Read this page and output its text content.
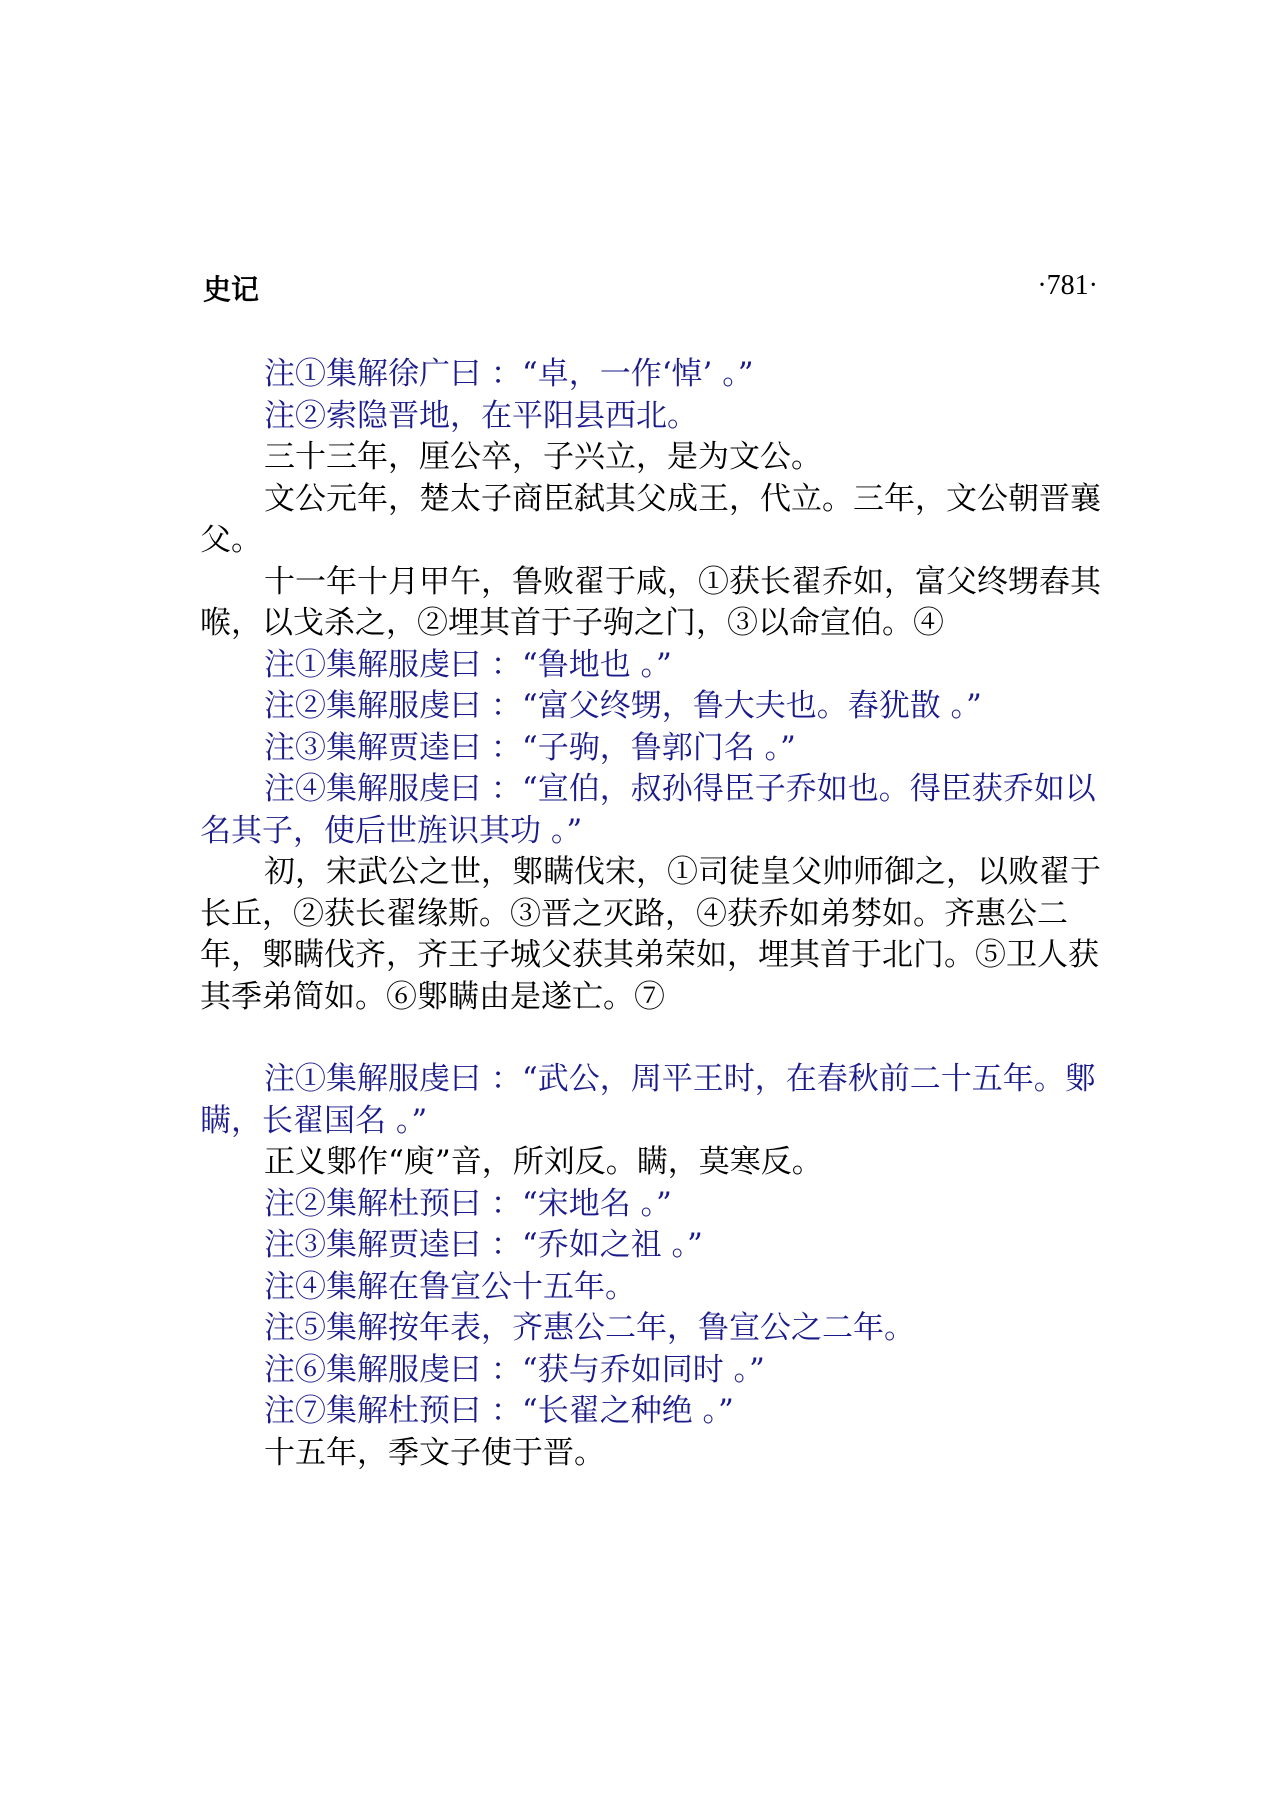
史记	·781·

注①集解徐广曰 ：“卓，一作‘悼’ 。”

注②索隐晋地，在平阳县西北。

三十三年，厘公卒，子兴立，是为文公。

文公元年，楚太子商臣弑其父成王，代立。三年，文公朝晋襄父。

十一年十月甲午，鲁败翟于咸，①获长翟乔如，富父终甥舂其喉，以戈杀之，②埋其首于子驹之门，③以命宣伯。④

注①集解服虔曰 ：“鲁地也 。”

注②集解服虔曰 ：“富父终甥，鲁大夫也。舂犹㪚 。”

注③集解贾逵曰 ：“子驹，鲁郭门名 。”

注④集解服虔曰 ：“宣伯，叔孙得臣子乔如也。得臣获乔如以名其子，使后世旌识其功 。”

初，宋武公之世，鄋瞒伐宋，①司徒皇父帅师御之，以败翟于长丘，②获长翟缘斯。③晋之灭路，④获乔如弟棼如。齐惠公二年，鄋瞒伐齐，齐王子城父获其弟荣如，埋其首于北门。⑤卫人获其季弟简如。⑥鄋瞒由是遂亡。⑦

注①集解服虔曰 ：“武公，周平王时，在春秋前二十五年。鄋瞒，长翟国名 。”

正义鄋作“庾”音，所刘反。瞒，莫寒反。

注②集解杜预曰 ：“宋地名 。”

注③集解贾逵曰 ：“乔如之祖 。”

注④集解在鲁宣公十五年。

注⑤集解按年表，齐惠公二年，鲁宣公之二年。

注⑥集解服虔曰 ：“获与乔如同时 。”

注⑦集解杜预曰 ：“长翟之种绝 。”

十五年，季文子使于晋。
